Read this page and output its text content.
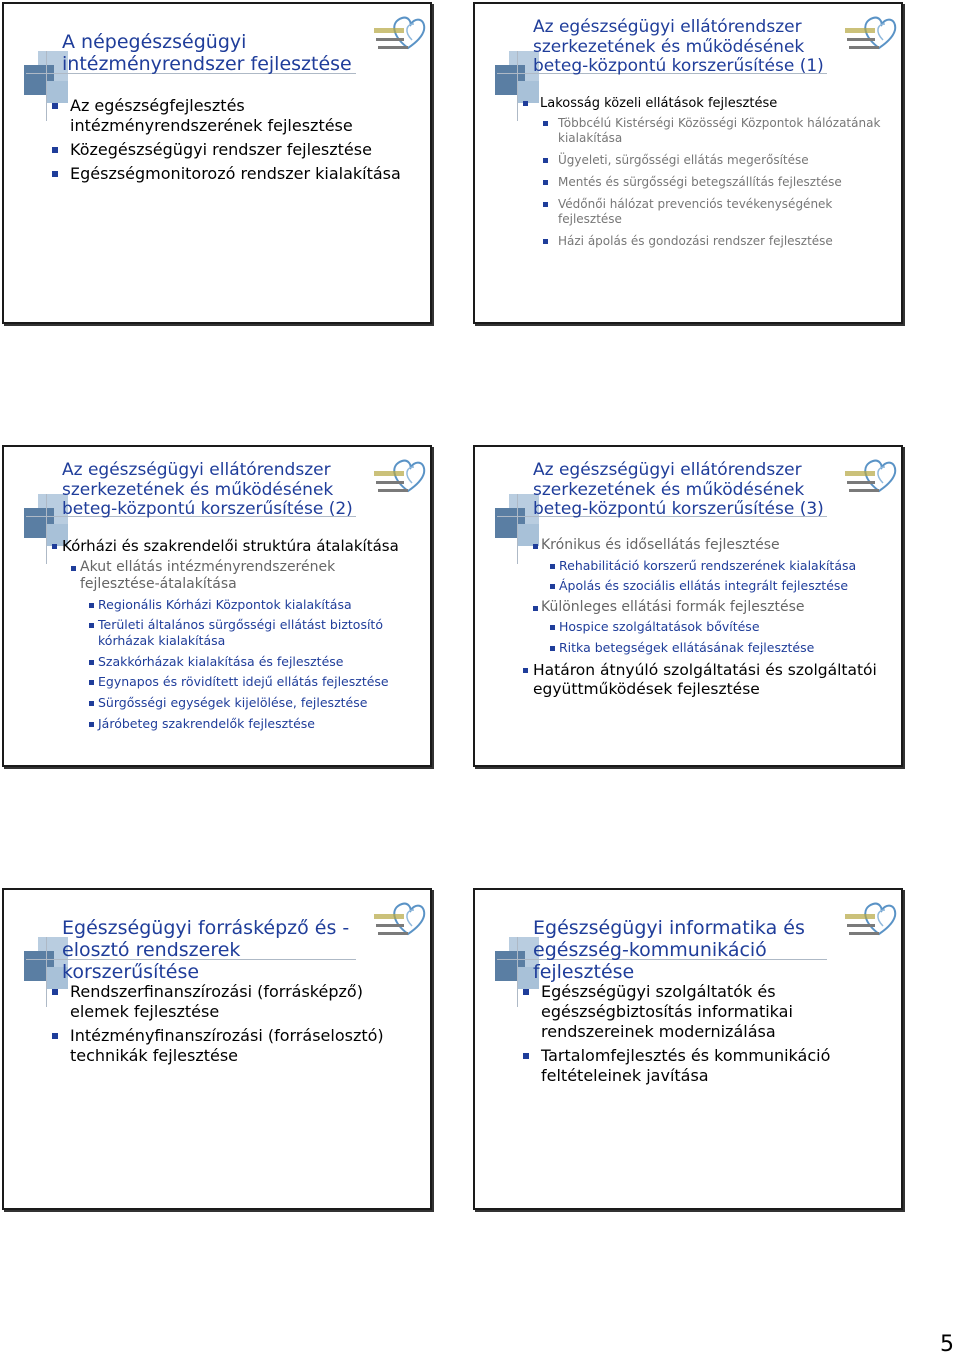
A népegészségügyi intézményrendszer fejlesztése
Az egészségfejlesztés intézményrendszerének fejlesztése
Közegészségügyi rendszer fejlesztése
Egészségmonitorozó rendszer kialakítása
Az egészségügyi ellátórendszer szerkezetének és működésének beteg-központú korszerűsítése (1)
Lakosság közeli ellátások fejlesztése
Többcélú Kistérségi Közösségi Központok hálózatának kialakítása
Ügyeleti, sürgősségi ellátás megerősítése
Mentés és sürgősségi betegszállítás fejlesztése
Védőnői hálózat prevenciós tevékenységének fejlesztése
Házi ápolás és gondozási rendszer fejlesztése
Az egészségügyi ellátórendszer szerkezetének és működésének beteg-központú korszerűsítése (2)
Kórházi és szakrendelői struktúra átalakítása
Akut ellátás intézményrendszerének fejlesztése-átalakítása
Regionális Kórházi Központok kialakítása
Területi általános sürgősségi ellátást biztosító kórházak kialakítása
Szakkórházak kialakítása és fejlesztése
Egynapos és rövidített idejű ellátás fejlesztése
Sürgősségi egységek kijelölése, fejlesztése
Járóbeteg szakrendelők fejlesztése
Az egészségügyi ellátórendszer szerkezetének és működésének beteg-központú korszerűsítése (3)
Krónikus és idősellátás fejlesztése
Rehabilitáció korszerű rendszerének kialakítása
Ápolás és szociális ellátás integrált fejlesztése
Különleges ellátási formák fejlesztése
Hospice szolgáltatások bővítése
Ritka betegségek ellátásának fejlesztése
Határon átnyúló szolgáltatási és szolgáltatói együttműködések fejlesztése
Egészségügyi forrásképző és -elosztó rendszerek korszerűsítése
Rendszerfinanszírozási (forrásképző) elemek fejlesztése
Intézményfinanszírozási (forráselosztó) technikák fejlesztése
Egészségügyi informatika és egészség-kommunikáció fejlesztése
Egészségügyi szolgáltatók és egészségbiztosítás informatikai rendszereinek modernizálása
Tartalomfejlesztés és kommunikáció feltételeinek javítása
5
